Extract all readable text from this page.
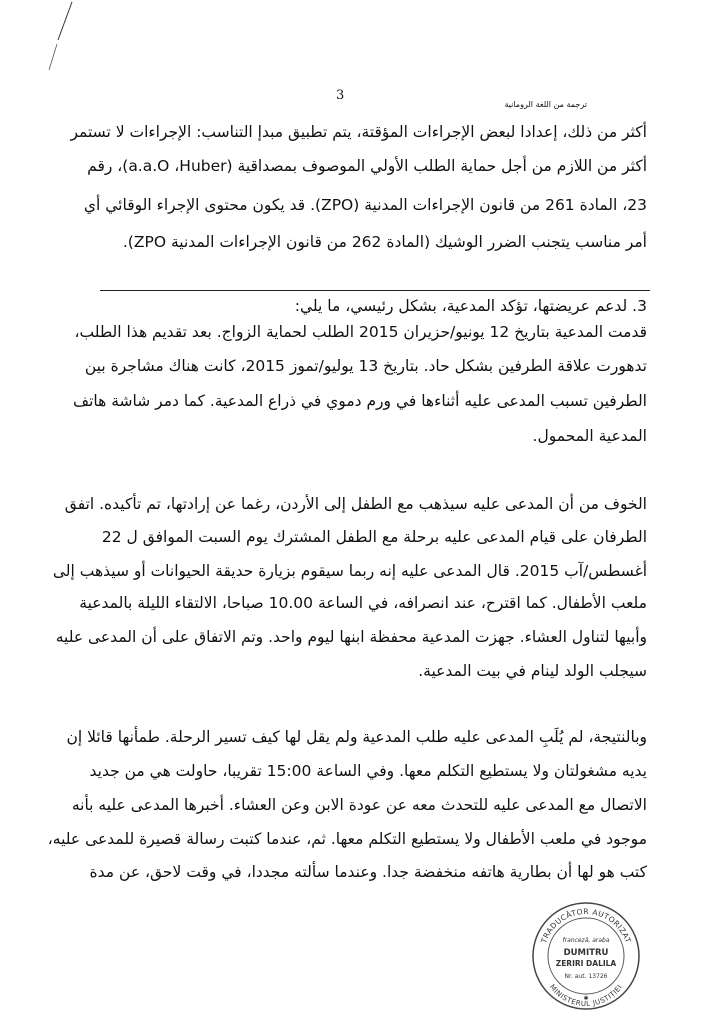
3
ترجمة من اللغة الرومانية
أكثر من ذلك، إعدادا لبعض الإجراءات المؤقتة، يتم تطبيق مبدإ التناسب: الإجراءات لا تستمر
أكثر من اللازم من أجل حماية الطلب الأولي الموصوف بمصداقية (a.a.O ،Huber)، رقم
23، المادة 261 من قانون الإجراءات المدنية (ZPO). قد يكون محتوى الإجراء الوقائي أي
أمر مناسب يتجنب الضرر الوشيك (المادة 262 من قانون الإجراءات المدنية ZPO).
3. لدعم عريضتها، تؤكد المدعية، بشكل رئيسي، ما يلي:
قدمت المدعية بتاريخ 12 يونيو/حزيران 2015 الطلب لحماية الزواج. بعد تقديم هذا الطلب،
تدهورت علاقة الطرفين بشكل حاد. بتاريخ 13 يوليو/تموز 2015، كانت هناك مشاجرة بين
الطرفين تسبب المدعى عليه أثناءها في ورم دموي في ذراع المدعية. كما دمر شاشة هاتف
المدعية المحمول.
الخوف من أن المدعى عليه سيذهب مع الطفل إلى الأردن، رغما عن إرادتها، تم تأكيده. اتفق
الطرفان على قيام المدعى عليه برحلة مع الطفل المشترك يوم السبت الموافق ل 22
أغسطس/آب 2015. قال المدعى عليه إنه ربما سيقوم بزيارة حديقة الحيوانات أو سيذهب إلى
ملعب الأطفال. كما اقترح، عند انصرافه، في الساعة 10.00 صباحا، الالتقاء الليلة بالمدعية
وأبيها لتناول العشاء. جهزت المدعية محفظة ابنها ليوم واحد. وتم الاتفاق على أن المدعى عليه
سيجلب الولد لينام في بيت المدعية.
وبالنتيجة، لم يُلَبِ المدعى عليه طلب المدعية ولم يقل لها كيف تسير الرحلة. طمأنها قائلا إن
يديه مشغولتان ولا يستطيع التكلم معها. وفي الساعة 15:00 تقريبا، حاولت هي من جديد
الاتصال مع المدعى عليه للتحدث معه عن عودة الابن وعن العشاء. أخبرها المدعى عليه بأنه
موجود في ملعب الأطفال ولا يستطيع التكلم معها. ثم، عندما كتبت رسالة قصيرة للمدعى عليه،
كتب هو لها أن بطارية هاتفه منخفضة جدا. وعندما سألته مجددا، في وقت لاحق، عن مدة
TRADUCĂTOR AUTORIZAT
MINISTERUL JUSTIȚIEI
franceză, araba
DUMITRU
ZERIRI DALILA
Nr. aut. 13726
✱
